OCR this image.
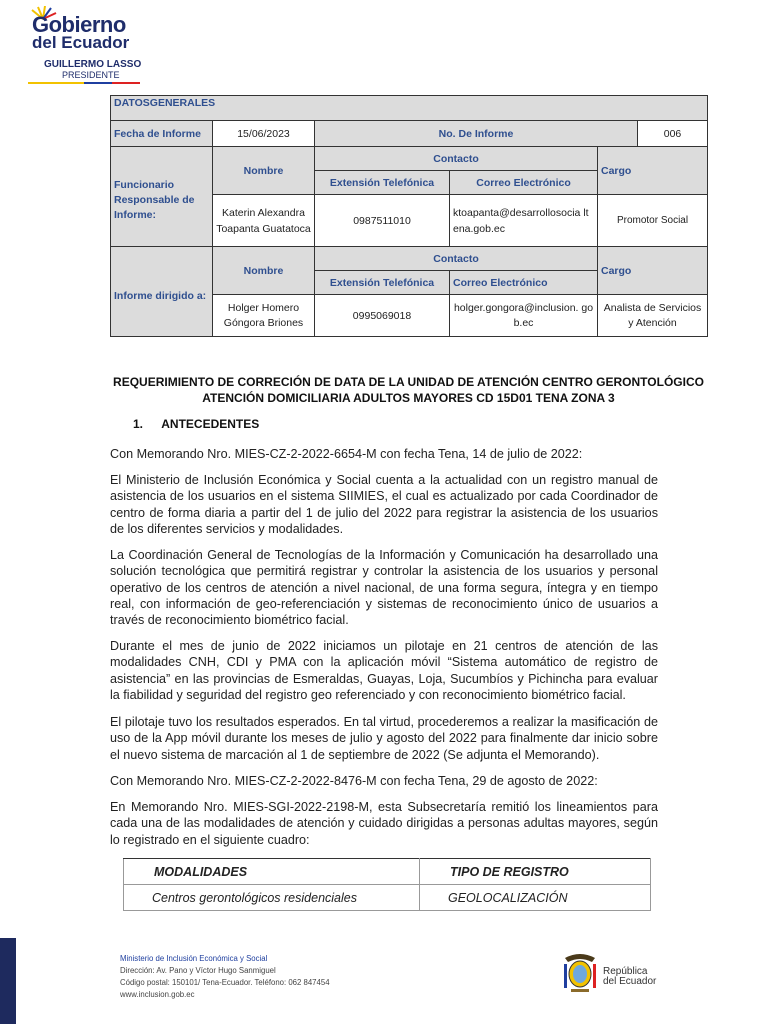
Gobierno
del Ecuador
GUILLERMO LASSO
PRESIDENTE
DATOSGENERALES					
Fecha de Informe	15/06/2023	No. De Informe			006
Funcionario Responsable de Informe:	Nombre	Contacto		Cargo	
		Extensión Telefónica	Correo Electrónico		
	Katerin Alexandra Toapanta Guatatoca	0987511010	ktoapanta@desarrollosocia ltena.gob.ec	Promotor Social	
Informe dirigido a:	Nombre	Contacto		Cargo	
		Extensión Telefónica	Correo Electrónico		
	Holger Homero Góngora Briones	0995069018	holger.gongora@inclusion. gob.ec	Analista de Servicios y Atención	
REQUERIMIENTO DE CORRECIÓN DE DATA DE LA UNIDAD DE ATENCIÓN CENTRO GERONTOLÓGICO ATENCIÓN DOMICILIARIA ADULTOS MAYORES CD 15D01 TENA ZONA 3
1. ANTECEDENTES
Con Memorando Nro. MIES-CZ-2-2022-6654-M con fecha Tena, 14 de julio de 2022:
El Ministerio de Inclusión Económica y Social cuenta a la actualidad con un registro manual de asistencia de los usuarios en el sistema SIIMIES, el cual es actualizado por cada Coordinador de centro de forma diaria a partir del 1 de julio del 2022 para registrar la asistencia de los usuarios de los diferentes servicios y modalidades.
La Coordinación General de Tecnologías de la Información y Comunicación ha desarrollado una solución tecnológica que permitirá registrar y controlar la asistencia de los usuarios y personal operativo de los centros de atención a nivel nacional, de una forma segura, íntegra y en tiempo real, con información de geo-referenciación y sistemas de reconocimiento único de usuarios a través de reconocimiento biométrico facial.
Durante el mes de junio de 2022 iniciamos un pilotaje en 21 centros de atención de las modalidades CNH, CDI y PMA con la aplicación móvil “Sistema automático de registro de asistencia” en las provincias de Esmeraldas, Guayas, Loja, Sucumbíos y Pichincha para evaluar la fiabilidad y seguridad del registro geo referenciado y con reconocimiento biométrico facial.
El pilotaje tuvo los resultados esperados. En tal virtud, procederemos a realizar la masificación de uso de la App móvil durante los meses de julio y agosto del 2022 para finalmente dar inicio sobre el nuevo sistema de marcación al 1 de septiembre de 2022 (Se adjunta el Memorando).
Con Memorando Nro. MIES-CZ-2-2022-8476-M con fecha Tena, 29 de agosto de 2022:
En Memorando Nro. MIES-SGI-2022-2198-M, esta Subsecretaría remitió los lineamientos para cada una de las modalidades de atención y cuidado dirigidas a personas adultas mayores, según lo registrado en el siguiente cuadro:
MODALIDADES	TIPO DE REGISTRO
Centros gerontológicos residenciales	GEOLOCALIZACIÓN
Ministerio de Inclusión Económica y Social
Dirección: Av. Pano y Víctor Hugo Sanmiguel
Código postal: 150101/ Tena-Ecuador. Teléfono: 062 847454
www.inclusion.gob.ec
República
del Ecuador
